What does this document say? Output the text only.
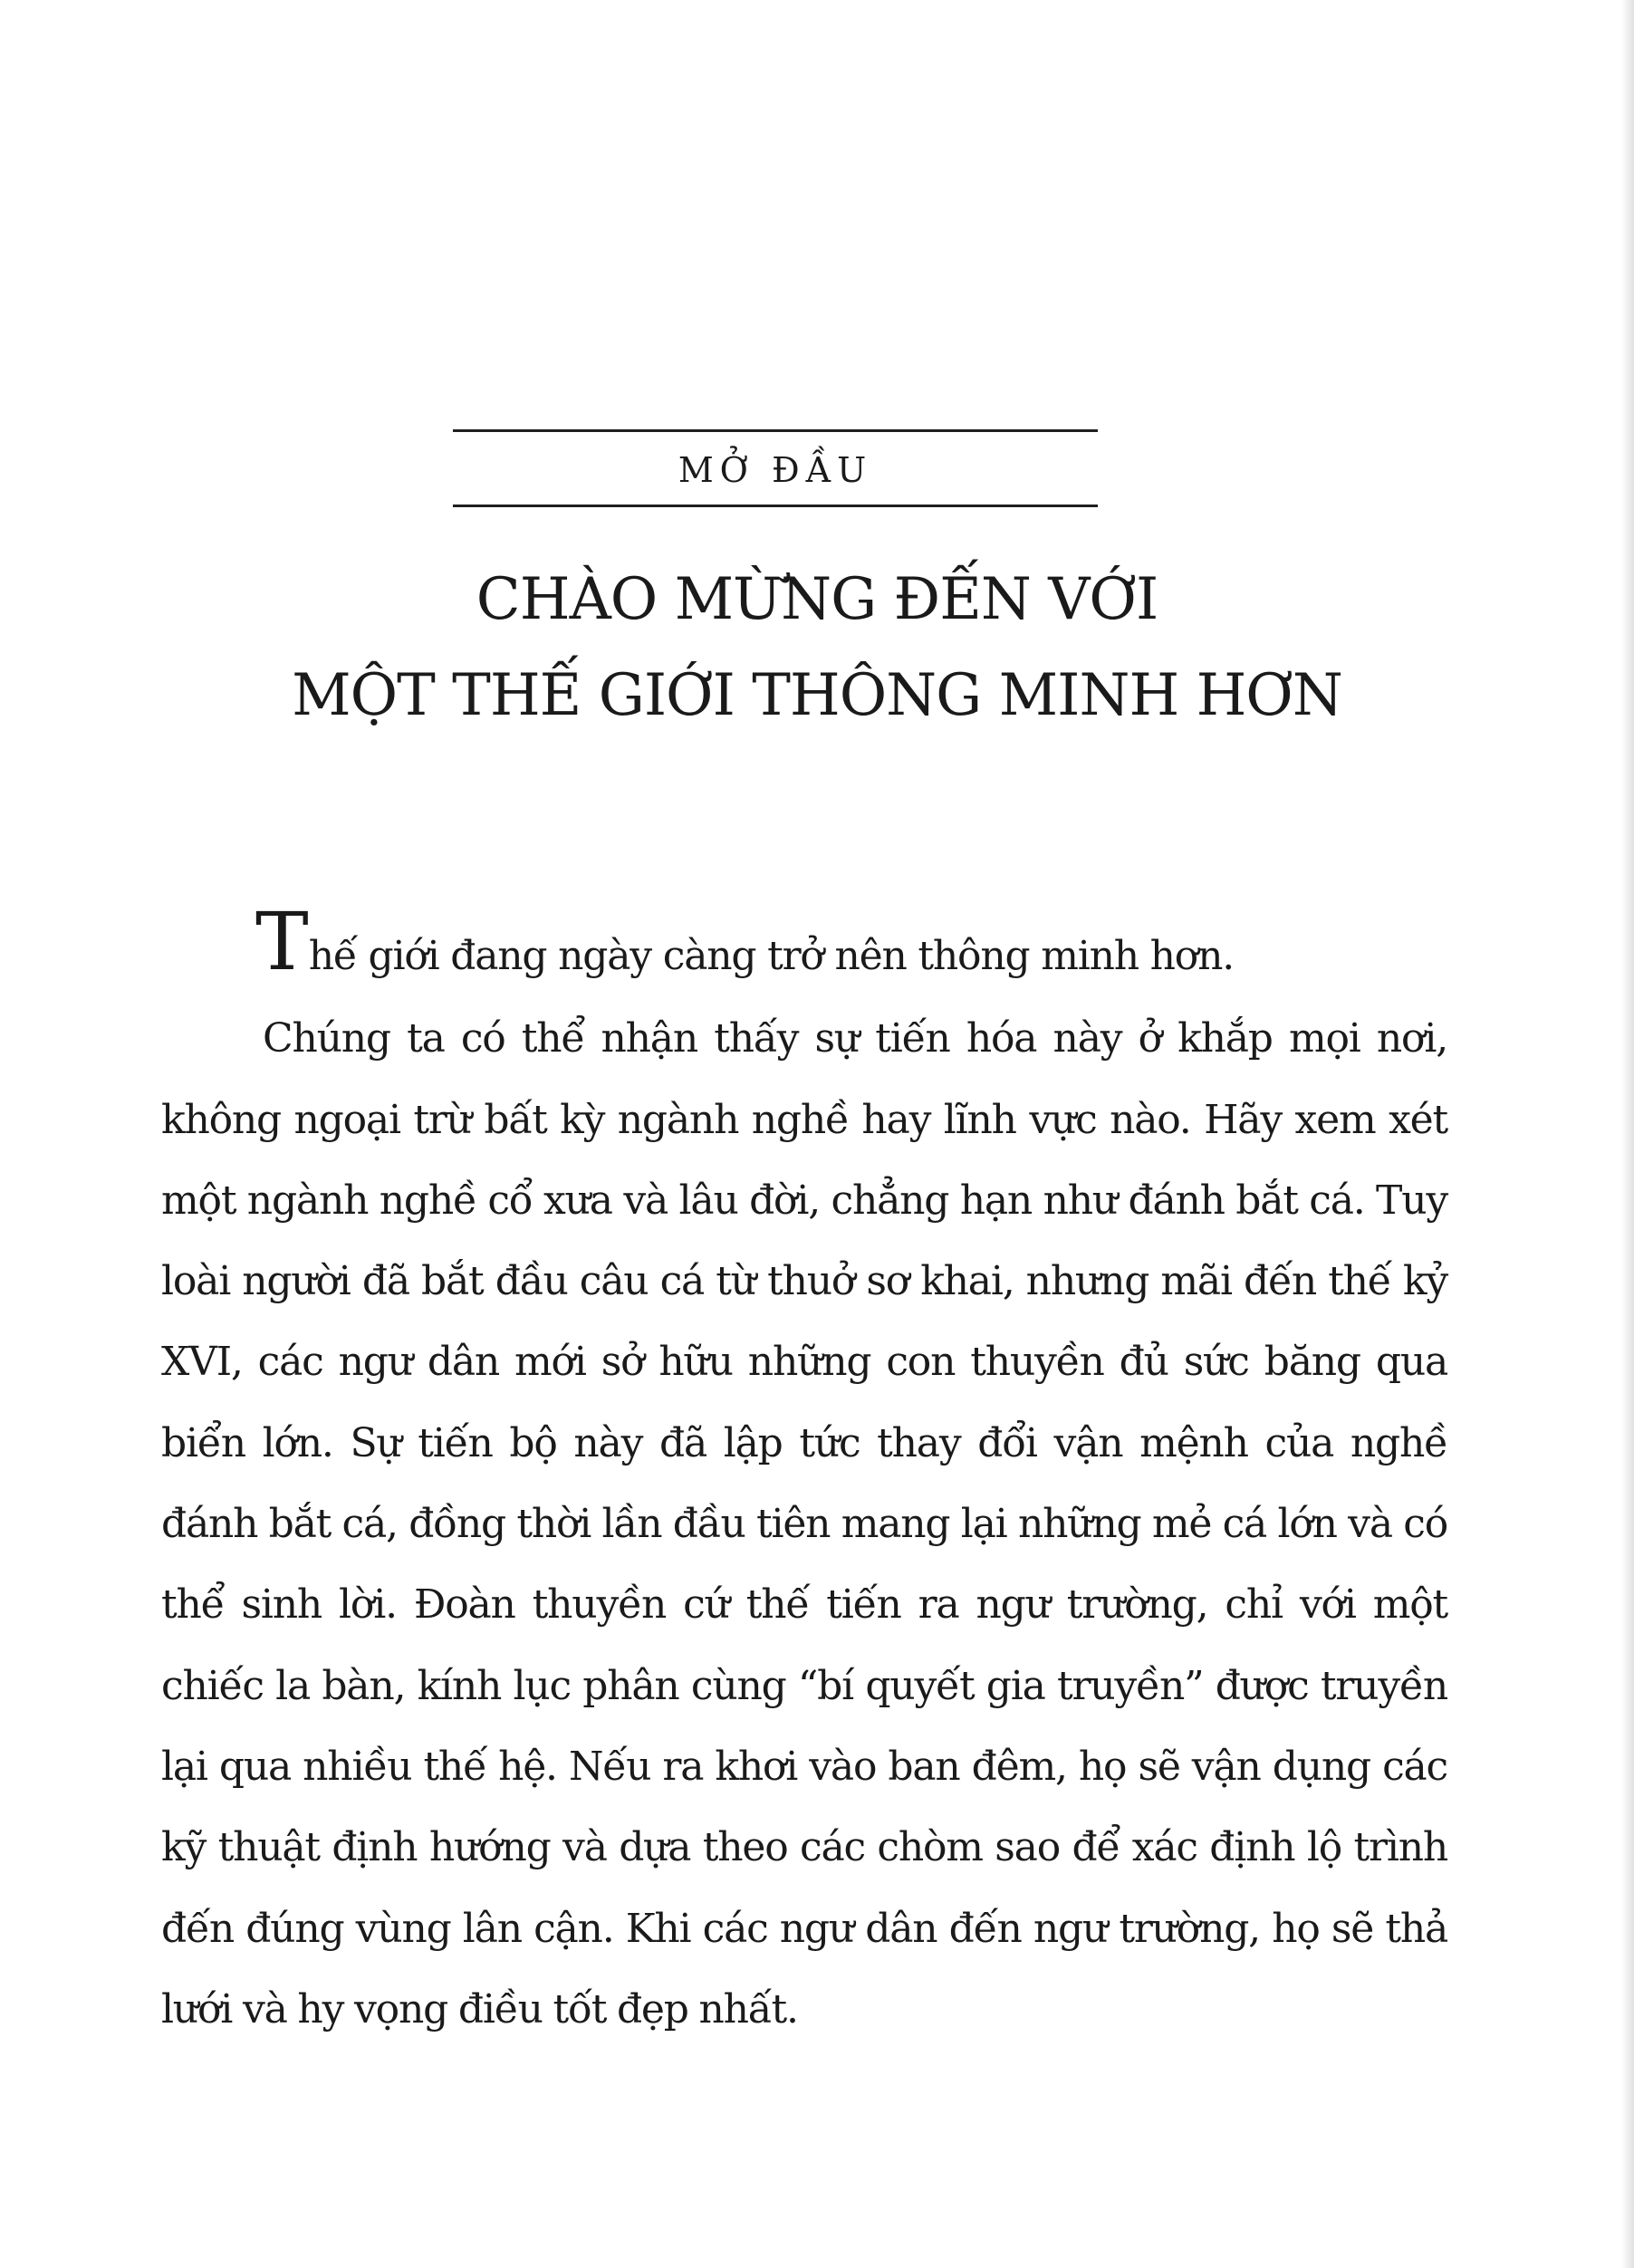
MỞ ĐẦU
CHÀO MỪNG ĐẾN VỚI
MỘT THẾ GIỚI THÔNG MINH HƠN

Thế giới đang ngày càng trở nên thông minh hơn.

Chúng ta có thể nhận thấy sự tiến hóa này ở khắp mọi nơi, không ngoại trừ bất kỳ ngành nghề hay lĩnh vực nào. Hãy xem xét một ngành nghề cổ xưa và lâu đời, chẳng hạn như đánh bắt cá. Tuy loài người đã bắt đầu câu cá từ thuở sơ khai, nhưng mãi đến thế kỷ XVI, các ngư dân mới sở hữu những con thuyền đủ sức băng qua biển lớn. Sự tiến bộ này đã lập tức thay đổi vận mệnh của nghề đánh bắt cá, đồng thời lần đầu tiên mang lại những mẻ cá lớn và có thể sinh lời. Đoàn thuyền cứ thế tiến ra ngư trường, chỉ với một chiếc la bàn, kính lục phân cùng “bí quyết gia truyền” được truyền lại qua nhiều thế hệ. Nếu ra khơi vào ban đêm, họ sẽ vận dụng các kỹ thuật định hướng và dựa theo các chòm sao để xác định lộ trình đến đúng vùng lân cận. Khi các ngư dân đến ngư trường, họ sẽ thả lưới và hy vọng điều tốt đẹp nhất.
